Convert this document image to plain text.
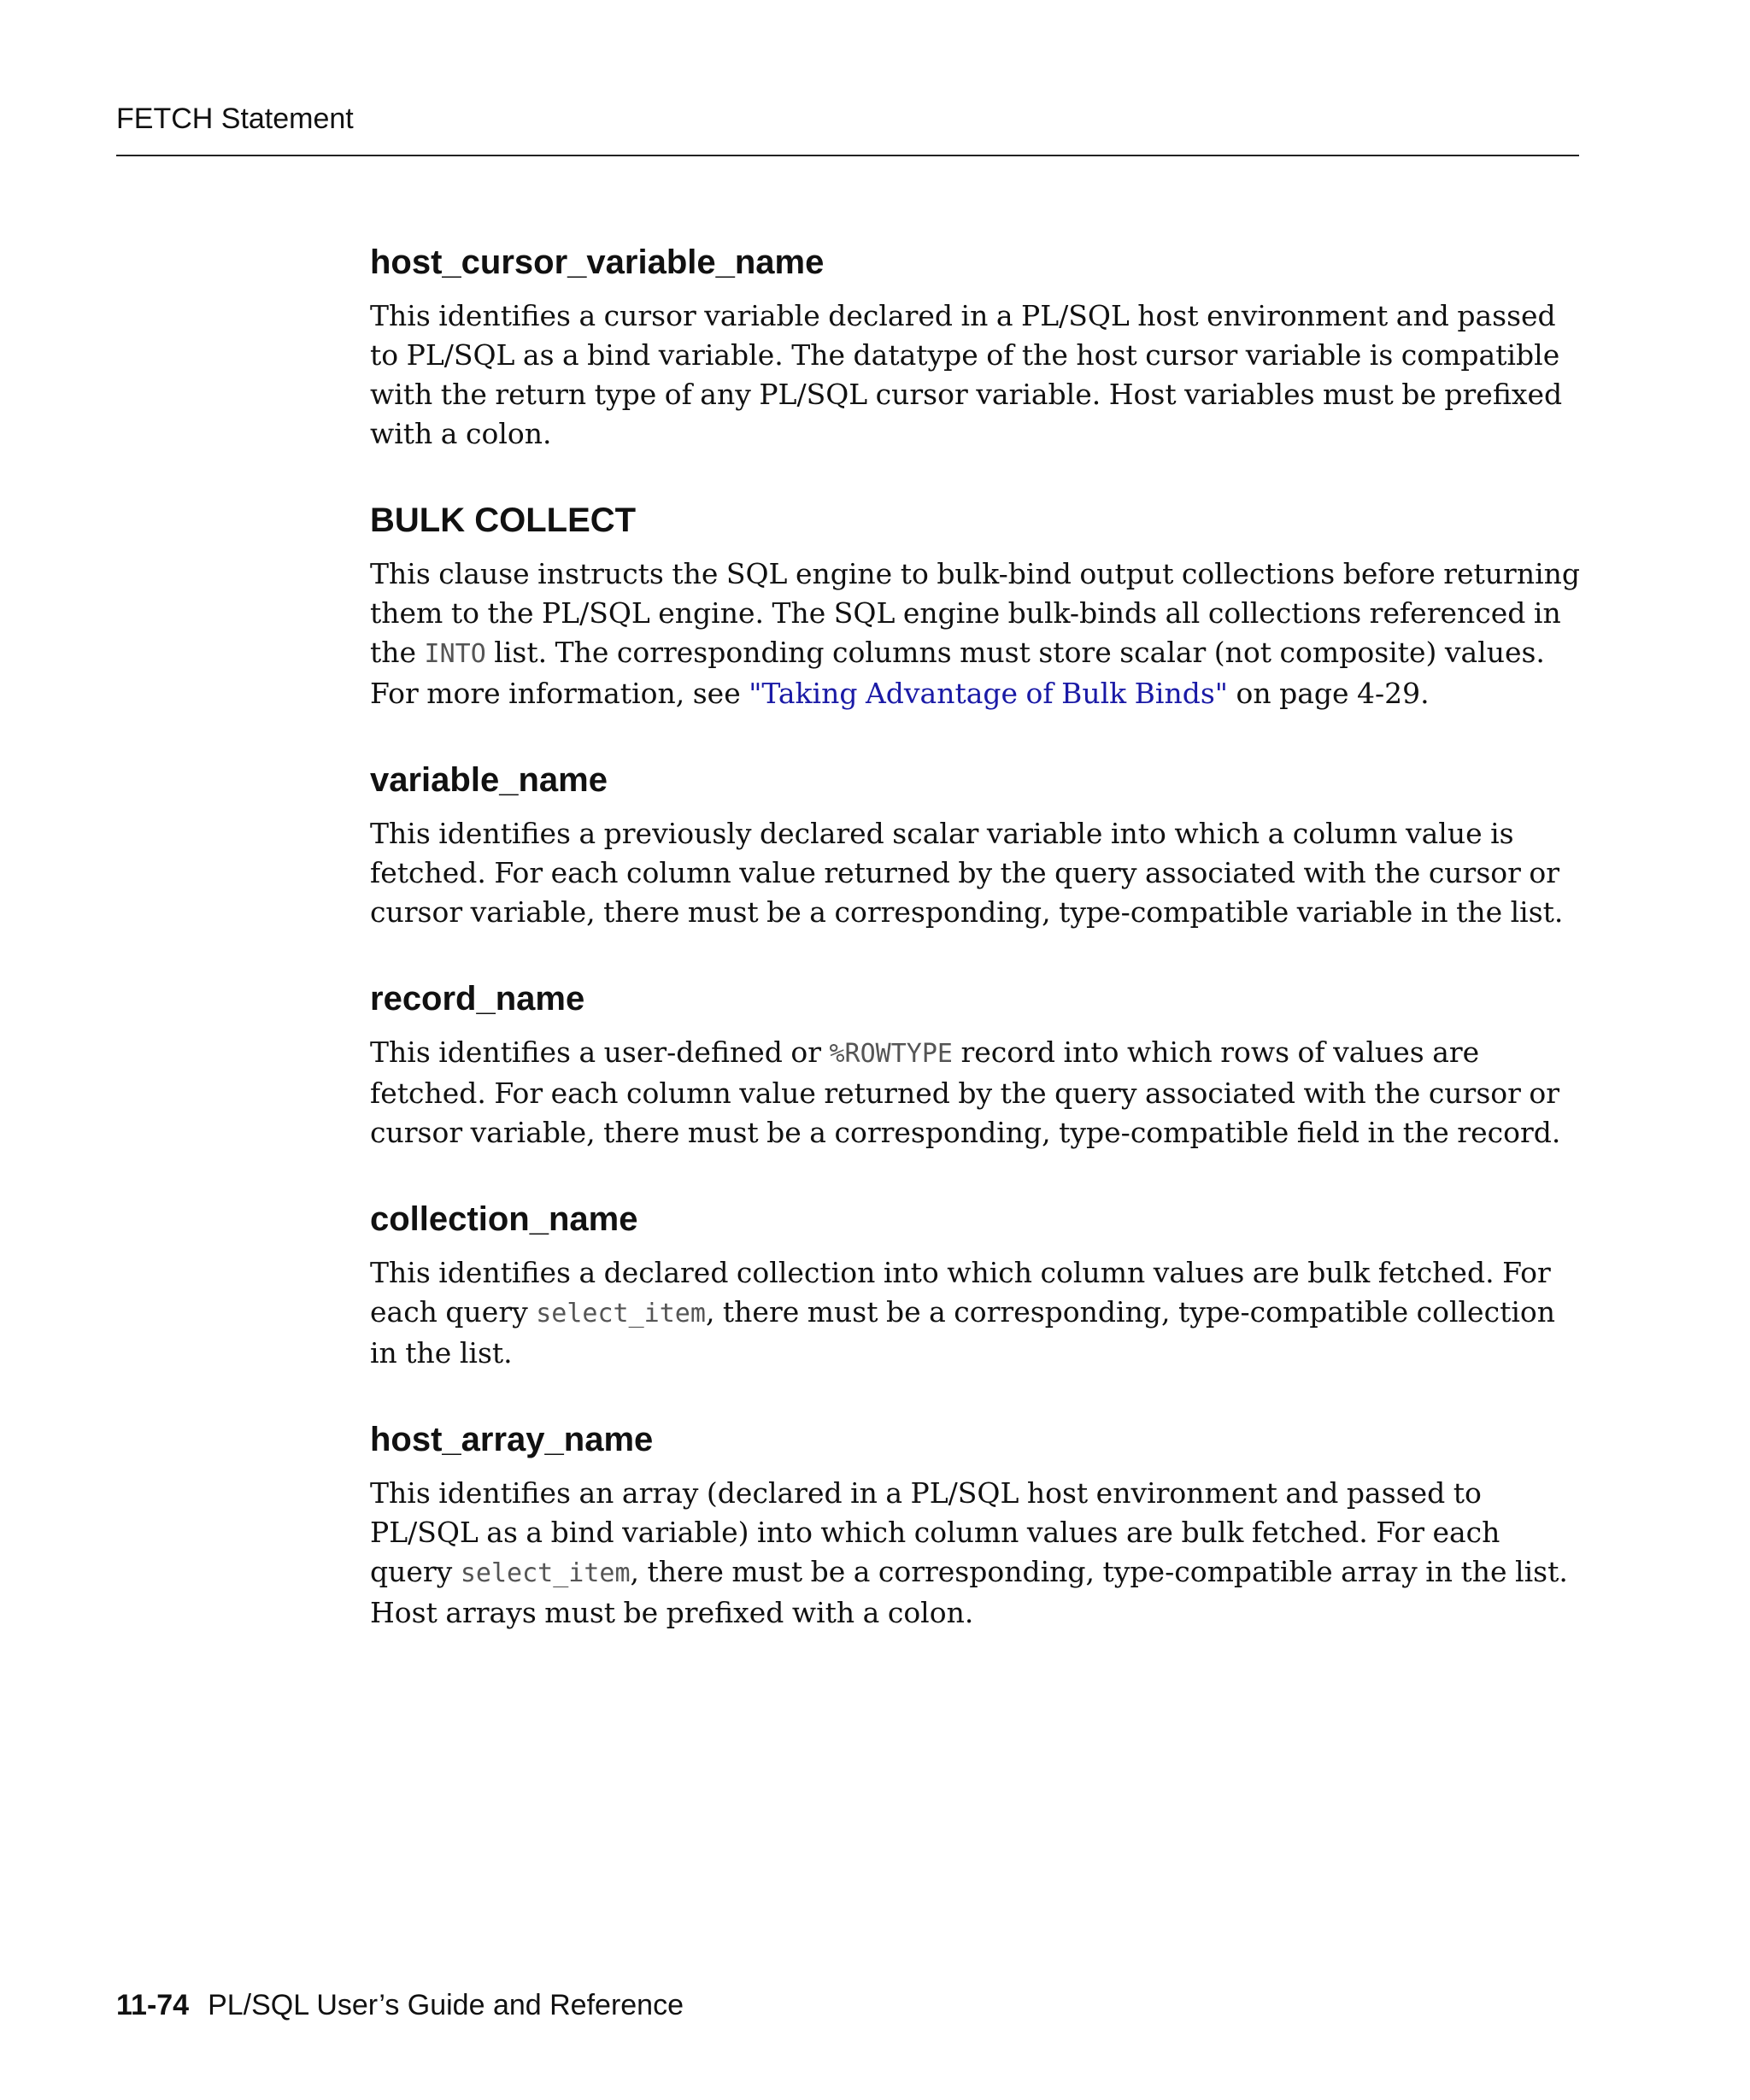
FETCH Statement
host_cursor_variable_name

This identifies a cursor variable declared in a PL/SQL host environment and passed to PL/SQL as a bind variable. The datatype of the host cursor variable is compatible with the return type of any PL/SQL cursor variable. Host variables must be prefixed with a colon.

BULK COLLECT

This clause instructs the SQL engine to bulk-bind output collections before returning them to the PL/SQL engine. The SQL engine bulk-binds all collections referenced in the INTO list. The corresponding columns must store scalar (not composite) values. For more information, see "Taking Advantage of Bulk Binds" on page 4-29.

variable_name

This identifies a previously declared scalar variable into which a column value is fetched. For each column value returned by the query associated with the cursor or cursor variable, there must be a corresponding, type-compatible variable in the list.

record_name

This identifies a user-defined or %ROWTYPE record into which rows of values are fetched. For each column value returned by the query associated with the cursor or cursor variable, there must be a corresponding, type-compatible field in the record.

collection_name

This identifies a declared collection into which column values are bulk fetched. For each query select_item, there must be a corresponding, type-compatible collection in the list.

host_array_name

This identifies an array (declared in a PL/SQL host environment and passed to PL/SQL as a bind variable) into which column values are bulk fetched. For each query select_item, there must be a corresponding, type-compatible array in the list. Host arrays must be prefixed with a colon.

11-74 PL/SQL User’s Guide and Reference
